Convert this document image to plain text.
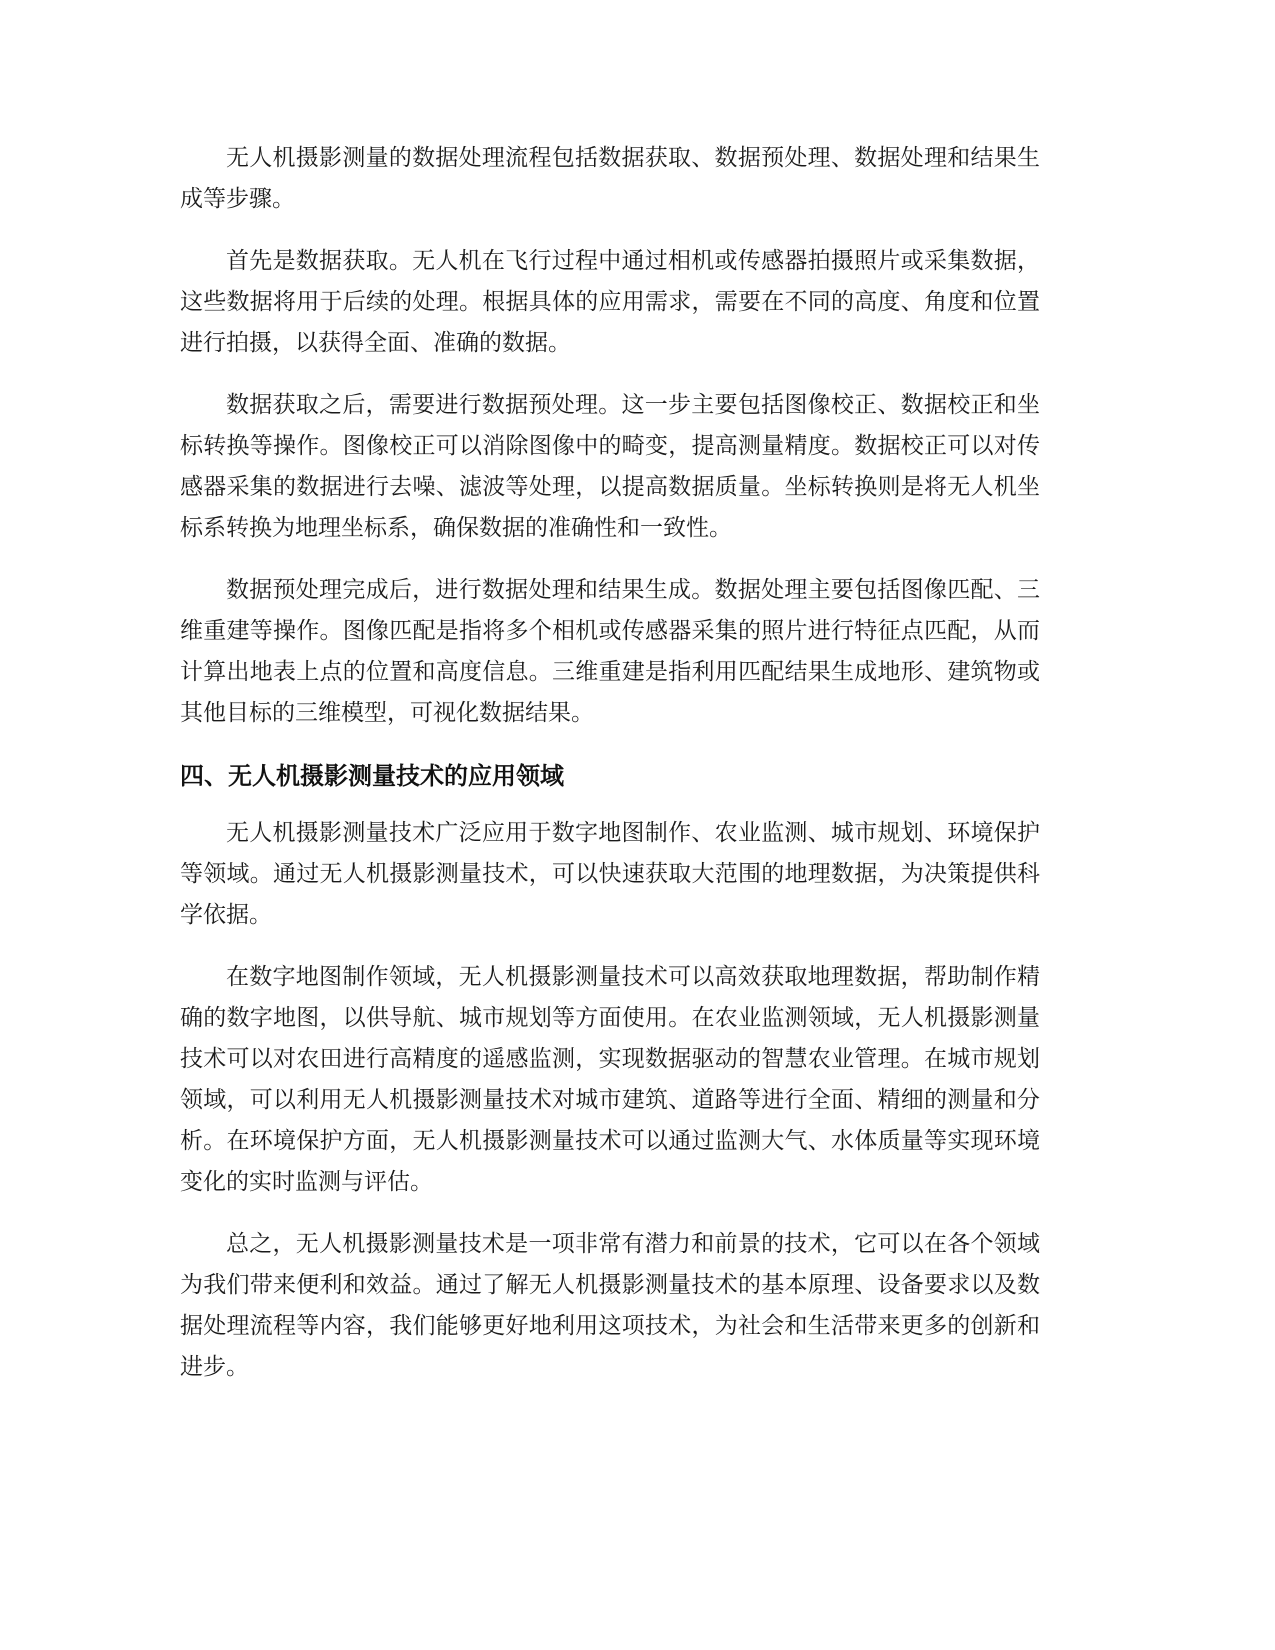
无人机摄影测量的数据处理流程包括数据获取、数据预处理、数据处理和结果生成等步骤。

首先是数据获取。无人机在飞行过程中通过相机或传感器拍摄照片或采集数据，这些数据将用于后续的处理。根据具体的应用需求，需要在不同的高度、角度和位置进行拍摄，以获得全面、准确的数据。

数据获取之后，需要进行数据预处理。这一步主要包括图像校正、数据校正和坐标转换等操作。图像校正可以消除图像中的畸变，提高测量精度。数据校正可以对传感器采集的数据进行去噪、滤波等处理，以提高数据质量。坐标转换则是将无人机坐标系转换为地理坐标系，确保数据的准确性和一致性。

数据预处理完成后，进行数据处理和结果生成。数据处理主要包括图像匹配、三维重建等操作。图像匹配是指将多个相机或传感器采集的照片进行特征点匹配，从而计算出地表上点的位置和高度信息。三维重建是指利用匹配结果生成地形、建筑物或其他目标的三维模型，可视化数据结果。

四、无人机摄影测量技术的应用领域

无人机摄影测量技术广泛应用于数字地图制作、农业监测、城市规划、环境保护等领域。通过无人机摄影测量技术，可以快速获取大范围的地理数据，为决策提供科学依据。

在数字地图制作领域，无人机摄影测量技术可以高效获取地理数据，帮助制作精确的数字地图，以供导航、城市规划等方面使用。在农业监测领域，无人机摄影测量技术可以对农田进行高精度的遥感监测，实现数据驱动的智慧农业管理。在城市规划领域，可以利用无人机摄影测量技术对城市建筑、道路等进行全面、精细的测量和分析。在环境保护方面，无人机摄影测量技术可以通过监测大气、水体质量等实现环境变化的实时监测与评估。

总之，无人机摄影测量技术是一项非常有潜力和前景的技术，它可以在各个领域为我们带来便利和效益。通过了解无人机摄影测量技术的基本原理、设备要求以及数据处理流程等内容，我们能够更好地利用这项技术，为社会和生活带来更多的创新和进步。
